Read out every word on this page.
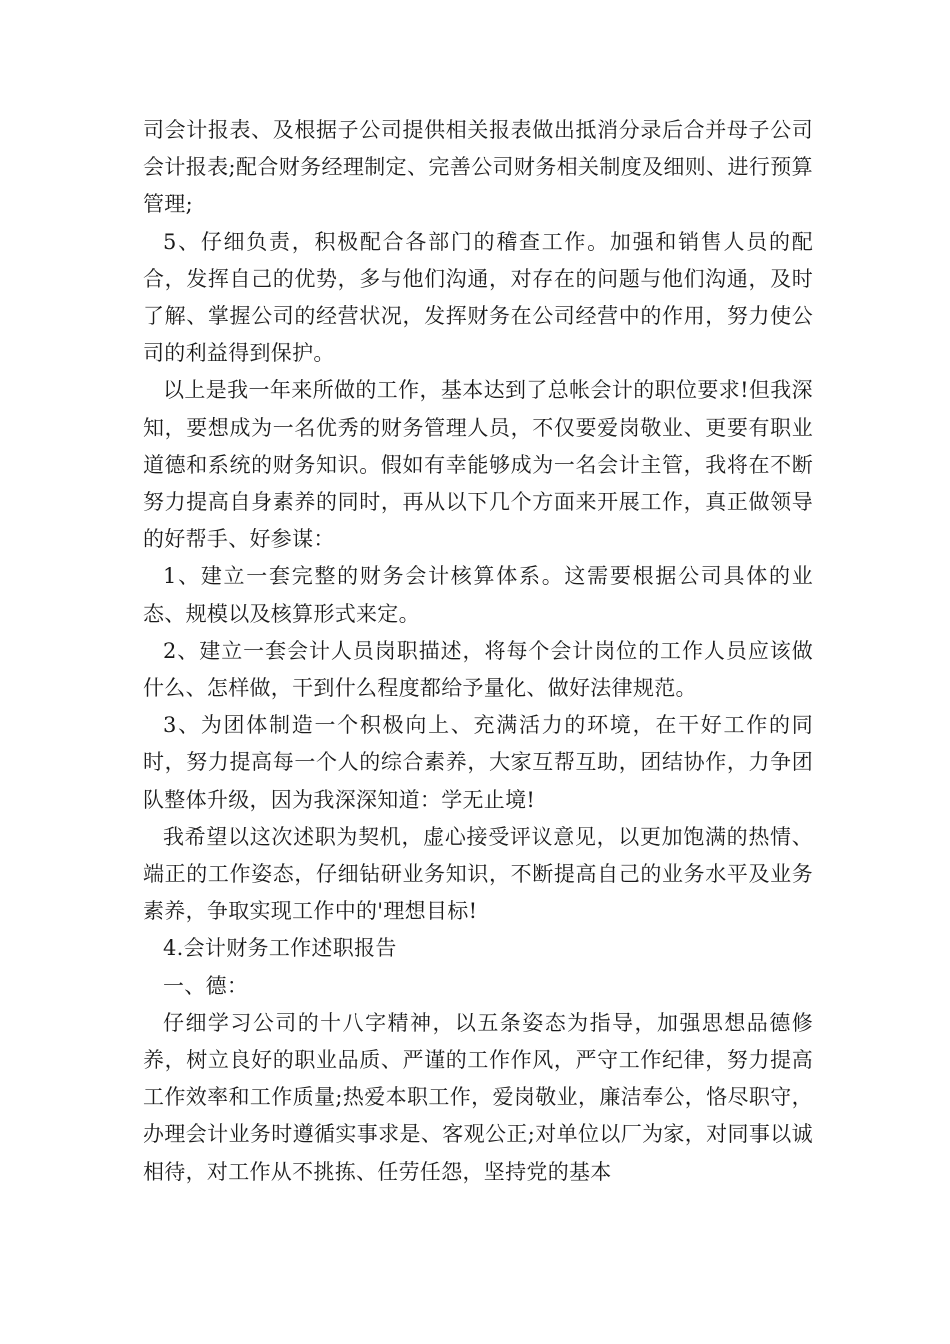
司会计报表、及根据子公司提供相关报表做出抵消分录后合并母子公司会计报表;配合财务经理制定、完善公司财务相关制度及细则、进行预算管理;

5、仔细负责，积极配合各部门的稽查工作。加强和销售人员的配合，发挥自己的优势，多与他们沟通，对存在的问题与他们沟通，及时了解、掌握公司的经营状况，发挥财务在公司经营中的作用，努力使公司的利益得到保护。

以上是我一年来所做的工作，基本达到了总帐会计的职位要求!但我深知，要想成为一名优秀的财务管理人员，不仅要爱岗敬业、更要有职业道德和系统的财务知识。假如有幸能够成为一名会计主管，我将在不断努力提高自身素养的同时，再从以下几个方面来开展工作，真正做领导的好帮手、好参谋：

1、建立一套完整的财务会计核算体系。这需要根据公司具体的业态、规模以及核算形式来定。

2、建立一套会计人员岗职描述，将每个会计岗位的工作人员应该做什么、怎样做，干到什么程度都给予量化、做好法律规范。

3、为团体制造一个积极向上、充满活力的环境，在干好工作的同时，努力提高每一个人的综合素养，大家互帮互助，团结协作，力争团队整体升级，因为我深深知道：学无止境!

我希望以这次述职为契机，虚心接受评议意见，以更加饱满的热情、端正的工作姿态，仔细钻研业务知识，不断提高自己的业务水平及业务素养，争取实现工作中的'理想目标!

4.会计财务工作述职报告

一、德：

仔细学习公司的十八字精神，以五条姿态为指导，加强思想品德修养，树立良好的职业品质、严谨的工作作风，严守工作纪律，努力提高工作效率和工作质量;热爱本职工作，爱岗敬业，廉洁奉公，恪尽职守，办理会计业务时遵循实事求是、客观公正;对单位以厂为家，对同事以诚相待，对工作从不挑拣、任劳任怨，坚持党的基本
